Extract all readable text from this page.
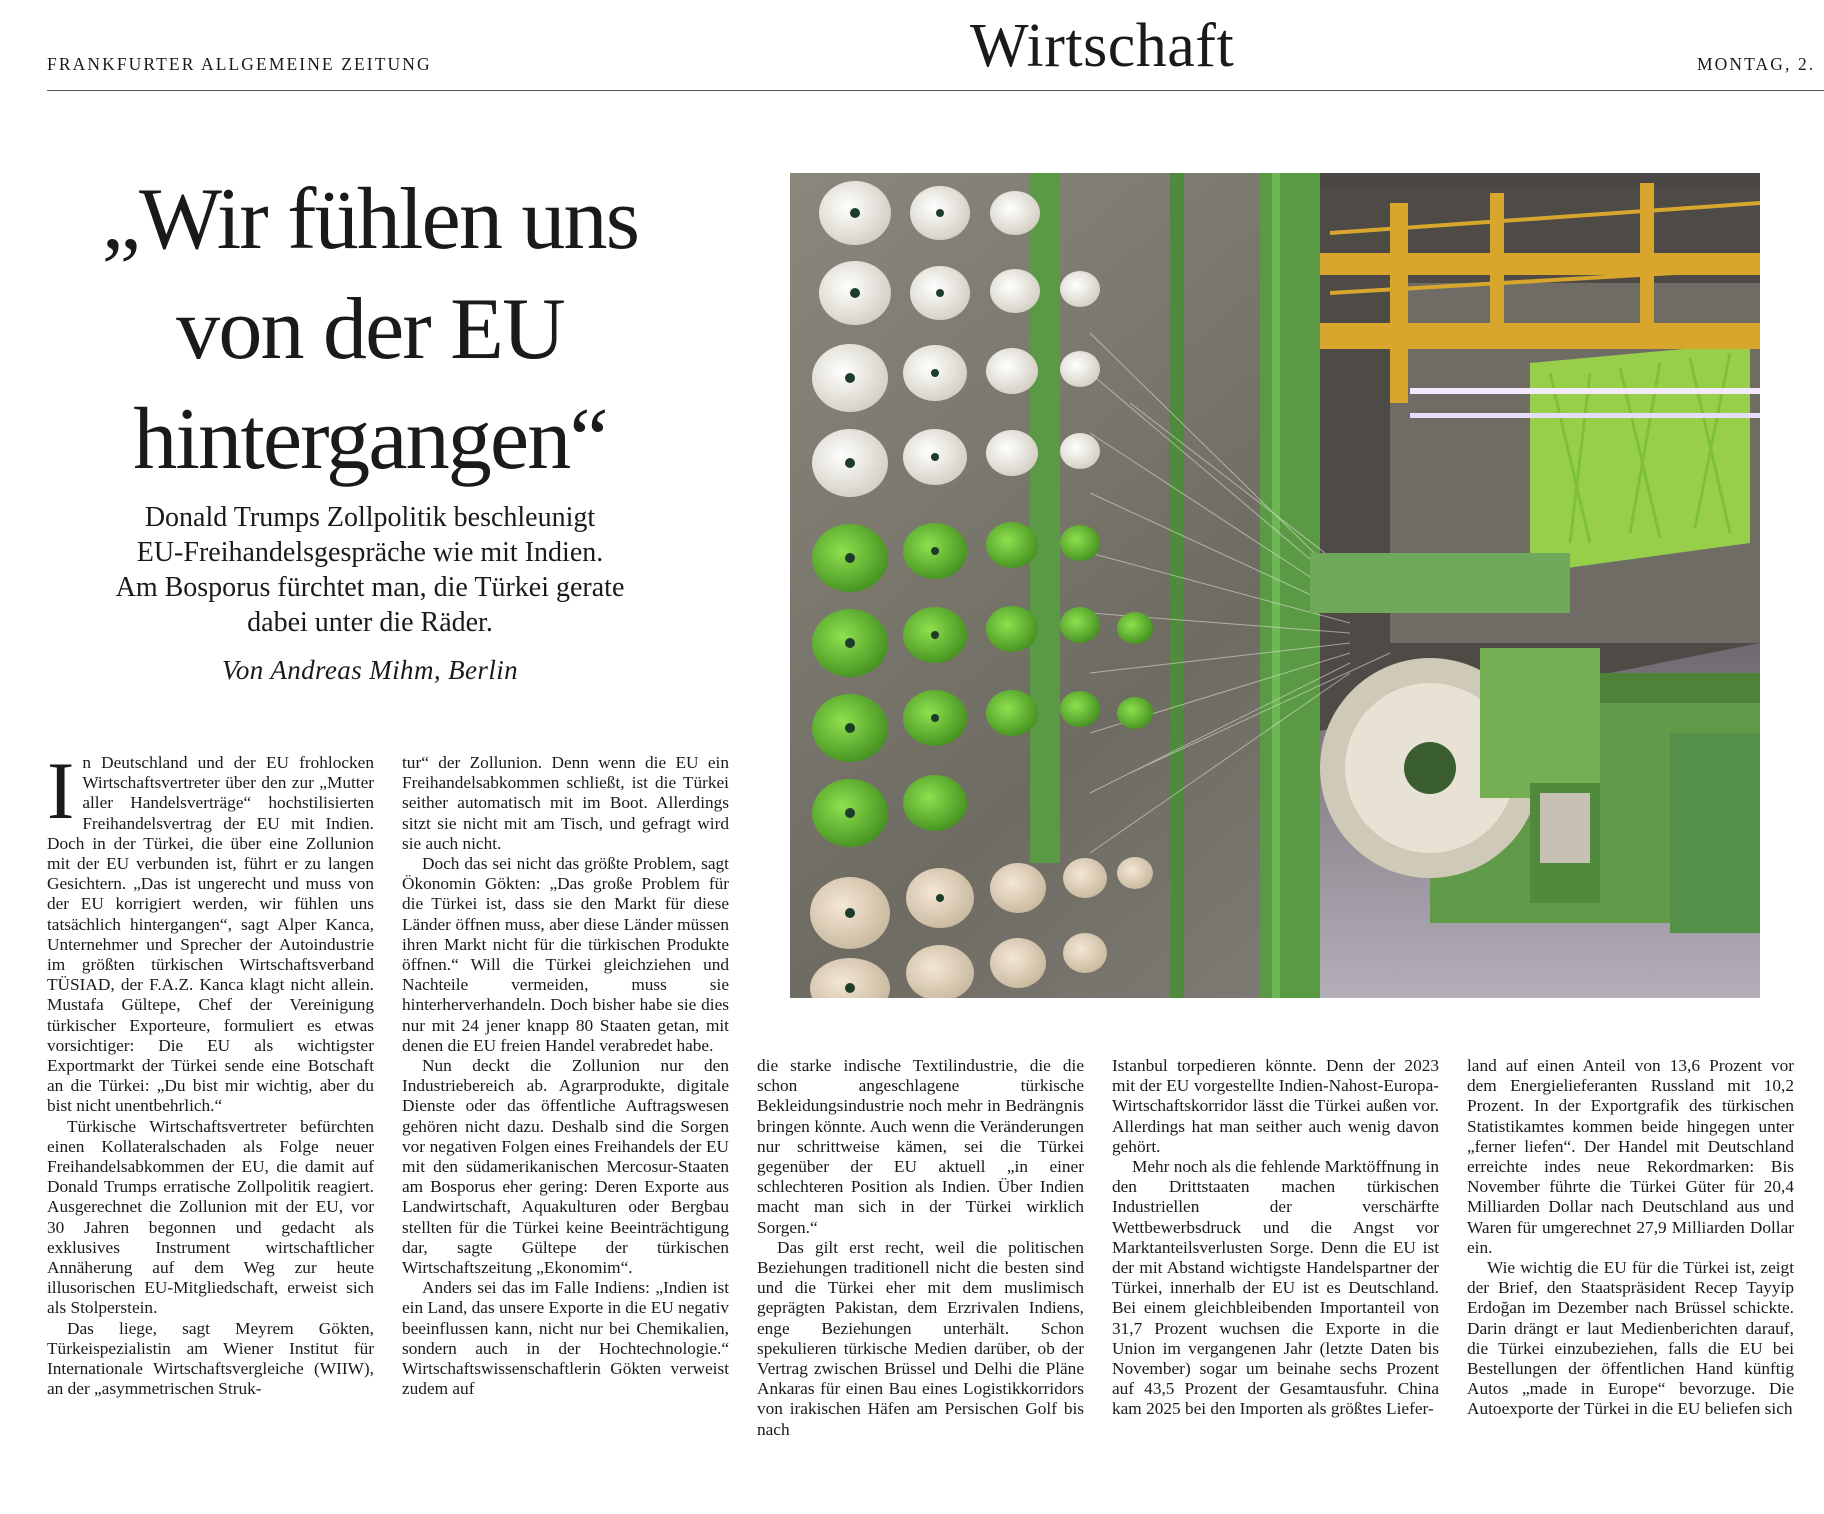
FRANKFURTER ALLGEMEINE ZEITUNG	Wirtschaft	MONTAG, 2.
„Wir fühlen uns
von der EU
hintergangen“
Donald Trumps Zollpolitik beschleunigt
EU-Freihandelsgespräche wie mit Indien.
Am Bosporus fürchtet man, die Türkei gerate
dabei unter die Räder.
Von Andreas Mihm, Berlin

In Deutschland und der EU frohlocken Wirtschaftsvertreter über den zur „Mutter aller Handelsverträge“ hochstilisierten Freihandelsvertrag der EU mit Indien. Doch in der Türkei, die über eine Zollunion mit der EU verbunden ist, führt er zu langen Gesichtern. „Das ist ungerecht und muss von der EU korrigiert werden, wir fühlen uns tatsächlich hintergangen“, sagt Alper Kanca, Unternehmer und Sprecher der Autoindustrie im größten türkischen Wirtschaftsverband TÜSIAD, der F.A.Z. Kanca klagt nicht allein. Mustafa Gültepe, Chef der Vereinigung türkischer Exporteure, formuliert es etwas vorsichtiger: Die EU als wichtigster Exportmarkt der Türkei sende eine Botschaft an die Türkei: „Du bist mir wichtig, aber du bist nicht unentbehrlich.“

Türkische Wirtschaftsvertreter befürchten einen Kollateralschaden als Folge neuer Freihandelsabkommen der EU, die damit auf Donald Trumps erratische Zollpolitik reagiert. Ausgerechnet die Zollunion mit der EU, vor 30 Jahren begonnen und gedacht als exklusives Instrument wirtschaftlicher Annäherung auf dem Weg zur heute illusorischen EU-Mitgliedschaft, erweist sich als Stolperstein.

Das liege, sagt Meyrem Gökten, Türkeispezialistin am Wiener Institut für Internationale Wirtschaftsvergleiche (WIIW), an der „asymmetrischen Struk-

tur“ der Zollunion. Denn wenn die EU ein Freihandelsabkommen schließt, ist die Türkei seither automatisch mit im Boot. Allerdings sitzt sie nicht mit am Tisch, und gefragt wird sie auch nicht.

Doch das sei nicht das größte Problem, sagt Ökonomin Gökten: „Das große Problem für die Türkei ist, dass sie den Markt für diese Länder öffnen muss, aber diese Länder müssen ihren Markt nicht für die türkischen Produkte öffnen.“ Will die Türkei gleichziehen und Nachteile vermeiden, muss sie hinterherverhandeln. Doch bisher habe sie dies nur mit 24 jener knapp 80 Staaten getan, mit denen die EU freien Handel verabredet habe.

Nun deckt die Zollunion nur den Industriebereich ab. Agrarprodukte, digitale Dienste oder das öffentliche Auftragswesen gehören nicht dazu. Deshalb sind die Sorgen vor negativen Folgen eines Freihandels der EU mit den südamerikanischen Mercosur-Staaten am Bosporus eher gering: Deren Exporte aus Landwirtschaft, Aquakulturen oder Bergbau stellten für die Türkei keine Beeinträchtigung dar, sagte Gültepe der türkischen Wirtschaftszeitung „Ekonomim“.

Anders sei das im Falle Indiens: „Indien ist ein Land, das unsere Exporte in die EU negativ beeinflussen kann, nicht nur bei Chemikalien, sondern auch in der Hochtechnologie.“ Wirtschaftswissenschaftlerin Gökten verweist zudem auf

die starke indische Textilindustrie, die die schon angeschlagene türkische Bekleidungsindustrie noch mehr in Bedrängnis bringen könnte. Auch wenn die Veränderungen nur schrittweise kämen, sei die Türkei gegenüber der EU aktuell „in einer schlechteren Position als Indien. Über Indien macht man sich in der Türkei wirklich Sorgen.“

Das gilt erst recht, weil die politischen Beziehungen traditionell nicht die besten sind und die Türkei eher mit dem muslimisch geprägten Pakistan, dem Erzrivalen Indiens, enge Beziehungen unterhält. Schon spekulieren türkische Medien darüber, ob der Vertrag zwischen Brüssel und Delhi die Pläne Ankaras für einen Bau eines Logistikkorridors von irakischen Häfen am Persischen Golf bis nach

Istanbul torpedieren könnte. Denn der 2023 mit der EU vorgestellte Indien-Nahost-Europa-Wirtschaftskorridor lässt die Türkei außen vor. Allerdings hat man seither auch wenig davon gehört.

Mehr noch als die fehlende Marktöffnung in den Drittstaaten machen türkischen Industriellen der verschärfte Wettbewerbsdruck und die Angst vor Marktanteilsverlusten Sorge. Denn die EU ist der mit Abstand wichtigste Handelspartner der Türkei, innerhalb der EU ist es Deutschland. Bei einem gleichbleibenden Importanteil von 31,7 Prozent wuchsen die Exporte in die Union im vergangenen Jahr (letzte Daten bis November) sogar um beinahe sechs Prozent auf 43,5 Prozent der Gesamtausfuhr. China kam 2025 bei den Importen als größtes Liefer-

land auf einen Anteil von 13,6 Prozent vor dem Energielieferanten Russland mit 10,2 Prozent. In der Exportgrafik des türkischen Statistikamtes kommen beide hingegen unter „ferner liefen“. Der Handel mit Deutschland erreichte indes neue Rekordmarken: Bis November führte die Türkei Güter für 20,4 Milliarden Dollar nach Deutschland aus und Waren für umgerechnet 27,9 Milliarden Dollar ein.

Wie wichtig die EU für die Türkei ist, zeigt der Brief, den Staatspräsident Recep Tayyip Erdoğan im Dezember nach Brüssel schickte. Darin drängt er laut Medienberichten darauf, die Türkei einzubeziehen, falls die EU bei Bestellungen der öffentlichen Hand künftig Autos „made in Europe“ bevorzuge. Die Autoexporte der Türkei in die EU beliefen sich
